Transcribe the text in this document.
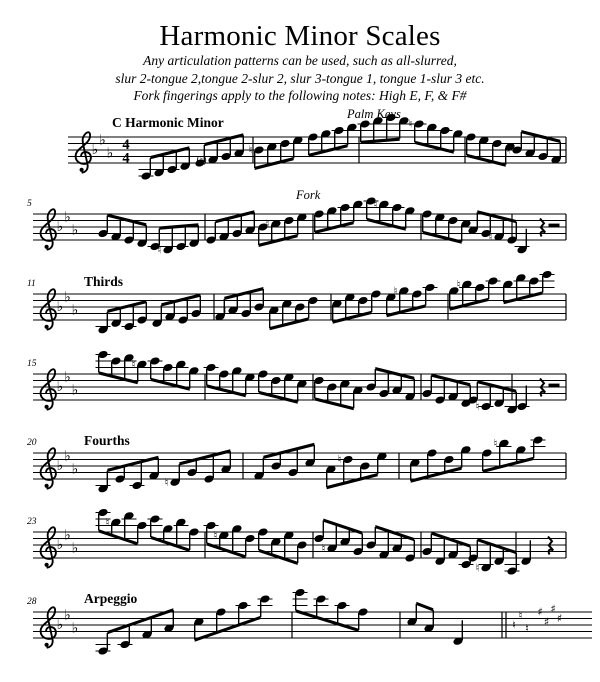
Harmonic Minor Scales
Any articulation patterns can be used, such as all-slurred,
slur 2-tongue 2,tongue 2-slur 2, slur 3-tongue 1, tongue 1-slur 3 etc.
Fork fingerings apply to the following notes: High E, F, & F#
♭
♭
♭
4
4	(♮)
♮
♮
♮
C Harmonic Minor
Palm Keys
♭
♭
♭
♮
♮
♮
♮
5
Fork
♭
♭
♭	♮
♮	♮
11	Thirds
♭
♭
♭
♮
♮
♮
15
♭
♭
♭
♮
♮
♮
20	Fourths
♭
♭
♭
♮
♮
♮
♮
23
♭
♭
♭	♮
♮
♮
♯
♯
♯
♯
28	Arpeggio
